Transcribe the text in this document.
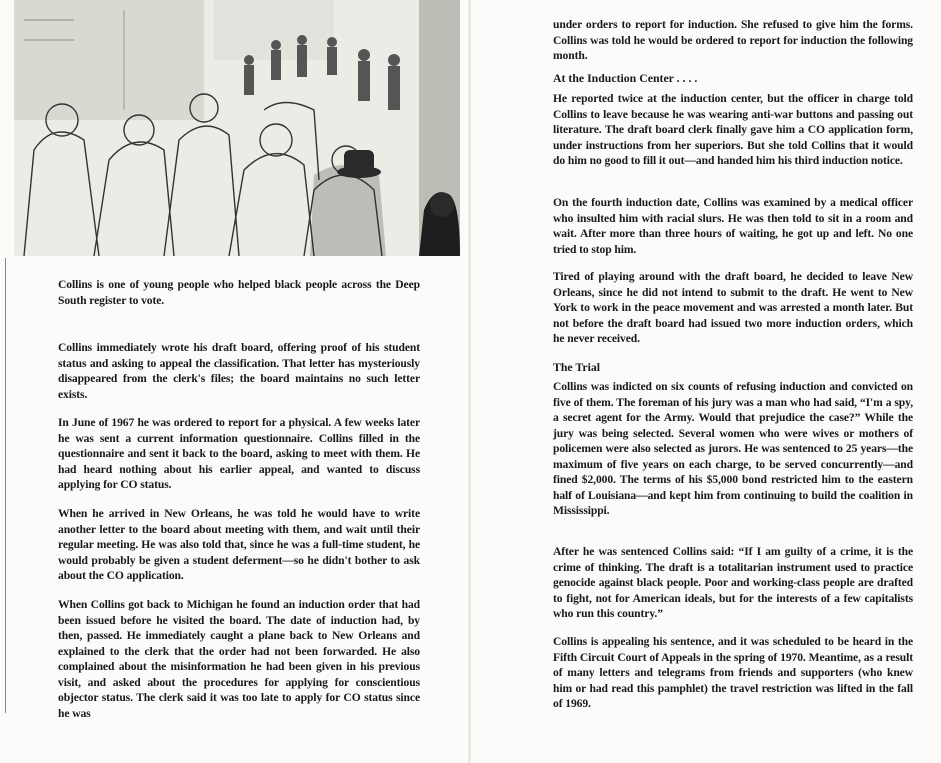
Collins is one of young people who helped black people across the Deep South register to vote.

Collins immediately wrote his draft board, offering proof of his student status and asking to appeal the classification. That letter has mysteriously disappeared from the clerk's files; the board maintains no such letter exists.

In June of 1967 he was ordered to report for a physical. A few weeks later he was sent a current information questionnaire. Collins filled in the questionnaire and sent it back to the board, asking to meet with them. He had heard nothing about his earlier appeal, and wanted to discuss applying for CO status.

When he arrived in New Orleans, he was told he would have to write another letter to the board about meeting with them, and wait until their regular meeting. He was also told that, since he was a full-time student, he would probably be given a student deferment—so he didn't bother to ask about the CO application.

When Collins got back to Michigan he found an induction order that had been issued before he visited the board. The date of induction had, by then, passed. He immediately caught a plane back to New Orleans and explained to the clerk that the order had not been forwarded. He also complained about the misinformation he had been given in his previous visit, and asked about the procedures for applying for conscientious objector status. The clerk said it was too late to apply for CO status since he was

under orders to report for induction. She refused to give him the forms. Collins was told he would be ordered to report for induction the following month.

At the Induction Center . . . .

He reported twice at the induction center, but the officer in charge told Collins to leave because he was wearing anti-war buttons and passing out literature. The draft board clerk finally gave him a CO application form, under instructions from her superiors. But she told Collins that it would do him no good to fill it out—and handed him his third induction notice.

On the fourth induction date, Collins was examined by a medical officer who insulted him with racial slurs. He was then told to sit in a room and wait. After more than three hours of waiting, he got up and left. No one tried to stop him.

Tired of playing around with the draft board, he decided to leave New Orleans, since he did not intend to submit to the draft. He went to New York to work in the peace movement and was arrested a month later. But not before the draft board had issued two more induction orders, which he never received.

The Trial

Collins was indicted on six counts of refusing induction and convicted on five of them. The foreman of his jury was a man who had said, “I'm a spy, a secret agent for the Army. Would that prejudice the case?” While the jury was being selected. Several women who were wives or mothers of policemen were also selected as jurors. He was sentenced to 25 years—the maximum of five years on each charge, to be served concurrently—and fined $2,000. The terms of his $5,000 bond restricted him to the eastern half of Louisiana—and kept him from continuing to build the coalition in Mississippi.

After he was sentenced Collins said: “If I am guilty of a crime, it is the crime of thinking. The draft is a totalitarian instrument used to practice genocide against black people. Poor and working-class people are drafted to fight, not for American ideals, but for the interests of a few capitalists who run this country.”

Collins is appealing his sentence, and it was scheduled to be heard in the Fifth Circuit Court of Appeals in the spring of 1970. Meantime, as a result of many letters and telegrams from friends and supporters (who knew him or had read this pamphlet) the travel restriction was lifted in the fall of 1969.
